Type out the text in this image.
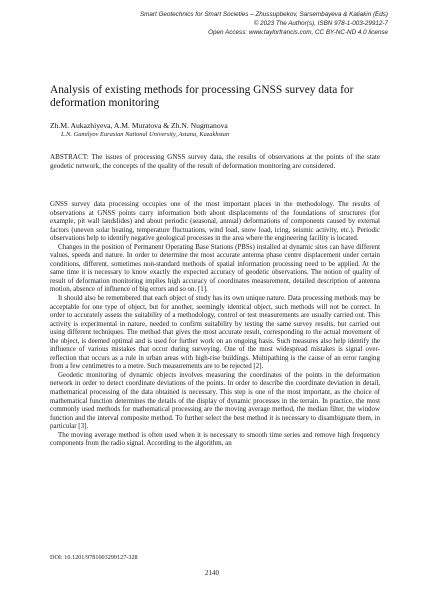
Smart Geotechnics for Smart Societies – Zhussupbekov, Sarsembayeva & Kaliakin (Eds)
© 2023 The Author(s), ISBN 978-1-003-29912-7
Open Access: www.taylorfrancis.com, CC BY-NC-ND 4.0 license
Analysis of existing methods for processing GNSS survey data for deformation monitoring
Zh.M. Aukazhiyeva, A.M. Muratova & Zh.N. Nugmanova
L.N. Gumilyov Eurasian National University, Astana, Kazakhstan

ABSTRACT: The issues of processing GNSS survey data, the results of observations at the points of the state geodetic network, the concepts of the quality of the result of deformation monitoring are considered.

GNSS survey data processing occupies one of the most important places in the methodology. The results of observations at GNSS points carry information both about displacements of the foundations of structures (for example, pit wall landslides) and about periodic (seasonal, annual) deformations of components caused by external factors (uneven solar heating, temperature fluctuations, wind load, snow load, icing, seismic activity, etc.). Periodic observations help to identify negative geological processes in the area where the engineering facility is located.

Changes in the position of Permanent Operating Base Stations (PBSs) installed at dynamic sites can have different values, speeds and nature. In order to determine the most accurate antenna phase centre displacement under certain conditions, different, sometimes non-standard methods of spatial information processing need to be applied. At the same time it is necessary to know exactly the expected accuracy of geodetic observations. The notion of quality of result of deformation monitoring implies high accuracy of coordinates measurement, detailed description of antenna motion, absence of influence of big errors and so on. [1].

It should also be remembered that each object of study has its own unique nature. Data processing methods may be acceptable for one type of object, but for another, seemingly identical object, such methods will not be correct. In order to accurately assess the suitability of a methodology, control or test measurements are usually carried out. This activity is experimental in nature, needed to confirm suitability by testing the same survey results, but carried out using different techniques. The method that gives the most accurate result, corresponding to the actual movement of the object, is deemed optimal and is used for further work on an ongoing basis. Such measures also help identify the influence of various mistakes that occur during surveying. One of the most widespread mistakes is signal over-reflection that occurs as a rule in urban areas with high-rise buildings. Multipathing is the cause of an error ranging from a few centimetres to a metre. Such measurements are to be rejected [2].

Geodetic monitoring of dynamic objects involves measuring the coordinates of the points in the deformation network in order to detect coordinate deviations of the points. In order to describe the coordinate deviation in detail, mathematical processing of the data obtained is necessary. This step is one of the most important, as the choice of mathematical function determines the details of the display of dynamic processes in the terrain. In practice, the most commonly used methods for mathematical processing are the moving average method, the median filter, the window function and the interval composite method. To further select the best method it is necessary to disambiguate them, in particular [3].

The moving average method is often used when it is necessary to smooth time series and remove high frequency components from the radio signal. According to the algorithm, an

DOI: 10.1201/9781003299127-328
2140
